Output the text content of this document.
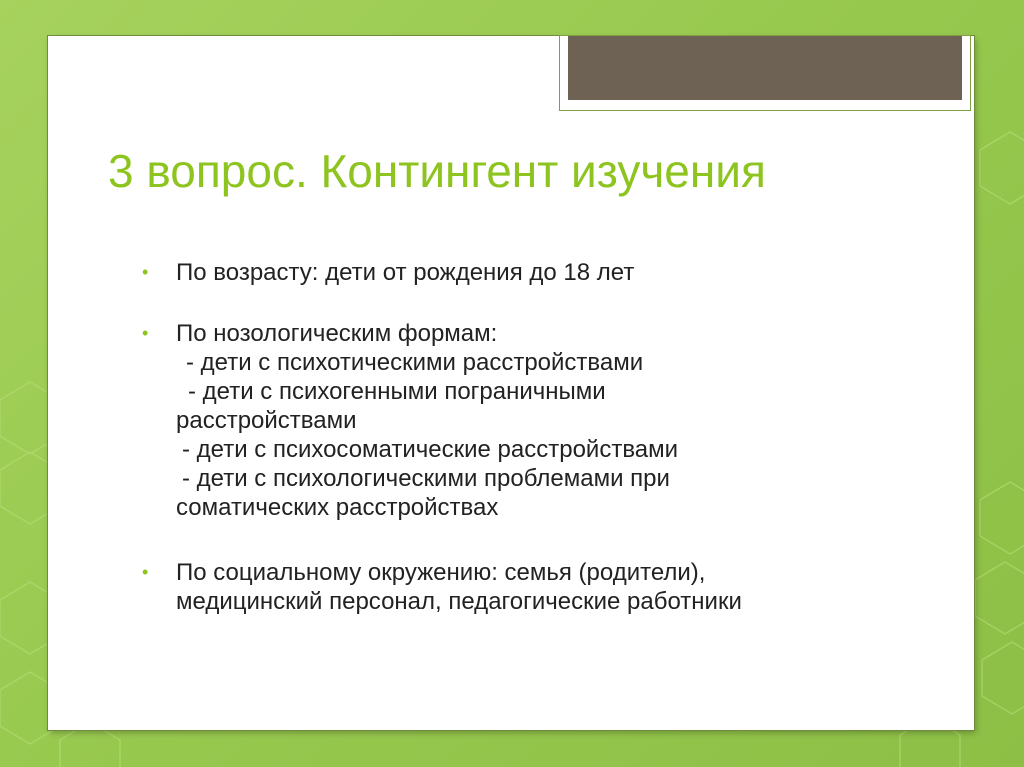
3 вопрос. Контингент изучения
• По возрасту: дети от рождения до 18 лет
• По нозологическим формам:
- дети с психотическими расстройствами
- дети с психогенными пограничными
расстройствами
- дети с психосоматические расстройствами
- дети с психологическими проблемами при
соматических расстройствах
• По социальному окружению: семья (родители),
медицинский персонал, педагогические работники
